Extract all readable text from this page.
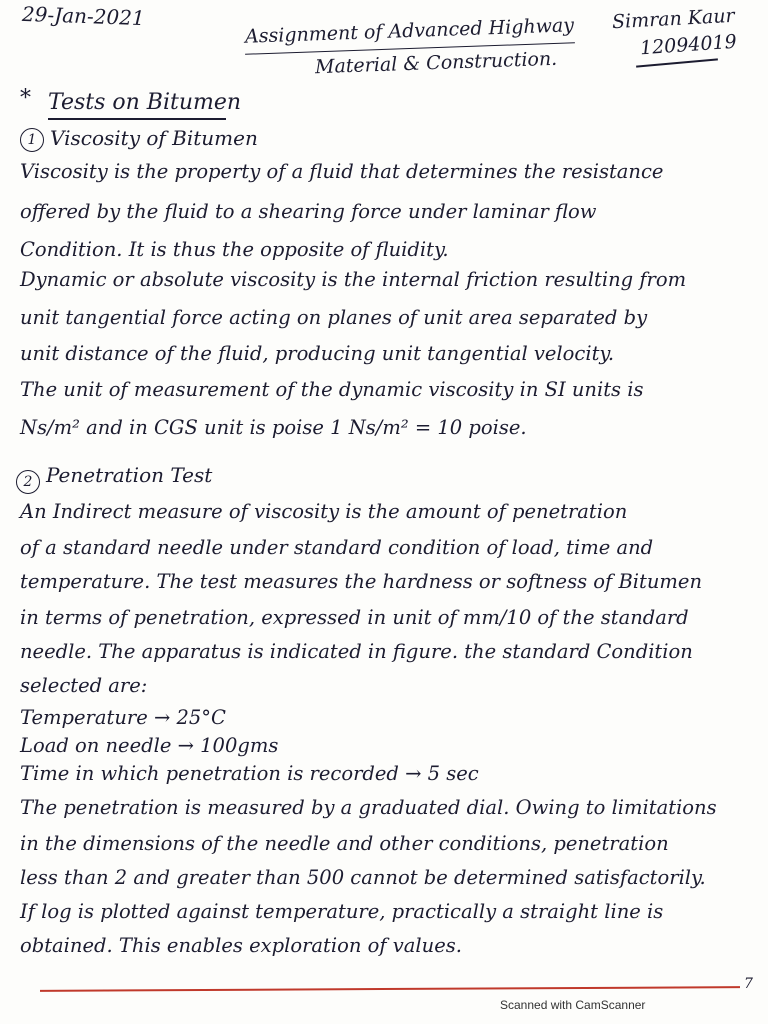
29-Jan-2021	Assignment of Advanced Highway
Material & Construction.
Simran Kaur
12094019
* Tests on Bitumen
1 Viscosity of Bitumen
Viscosity is the property of a fluid that determines the resistance
offered by the fluid to a shearing force under laminar flow
Condition. It is thus the opposite of fluidity.
Dynamic or absolute viscosity is the internal friction resulting from
unit tangential force acting on planes of unit area separated by
unit distance of the fluid, producing unit tangential velocity.
The unit of measurement of the dynamic viscosity in SI units is
Ns/m² and in CGS unit is poise 1 Ns/m² = 10 poise.
2 Penetration Test
An Indirect measure of viscosity is the amount of penetration
of a standard needle under standard condition of load, time and
temperature. The test measures the hardness or softness of Bitumen
in terms of penetration, expressed in unit of mm/10 of the standard
needle. The apparatus is indicated in figure. the standard Condition
selected are:
Temperature → 25°C
Load on needle → 100gms
Time in which penetration is recorded → 5 sec
The penetration is measured by a graduated dial. Owing to limitations
in the dimensions of the needle and other conditions, penetration
less than 2 and greater than 500 cannot be determined satisfactorily.
If log is plotted against temperature, practically a straight line is
obtained. This enables exploration of values.
7
Scanned with CamScanner
